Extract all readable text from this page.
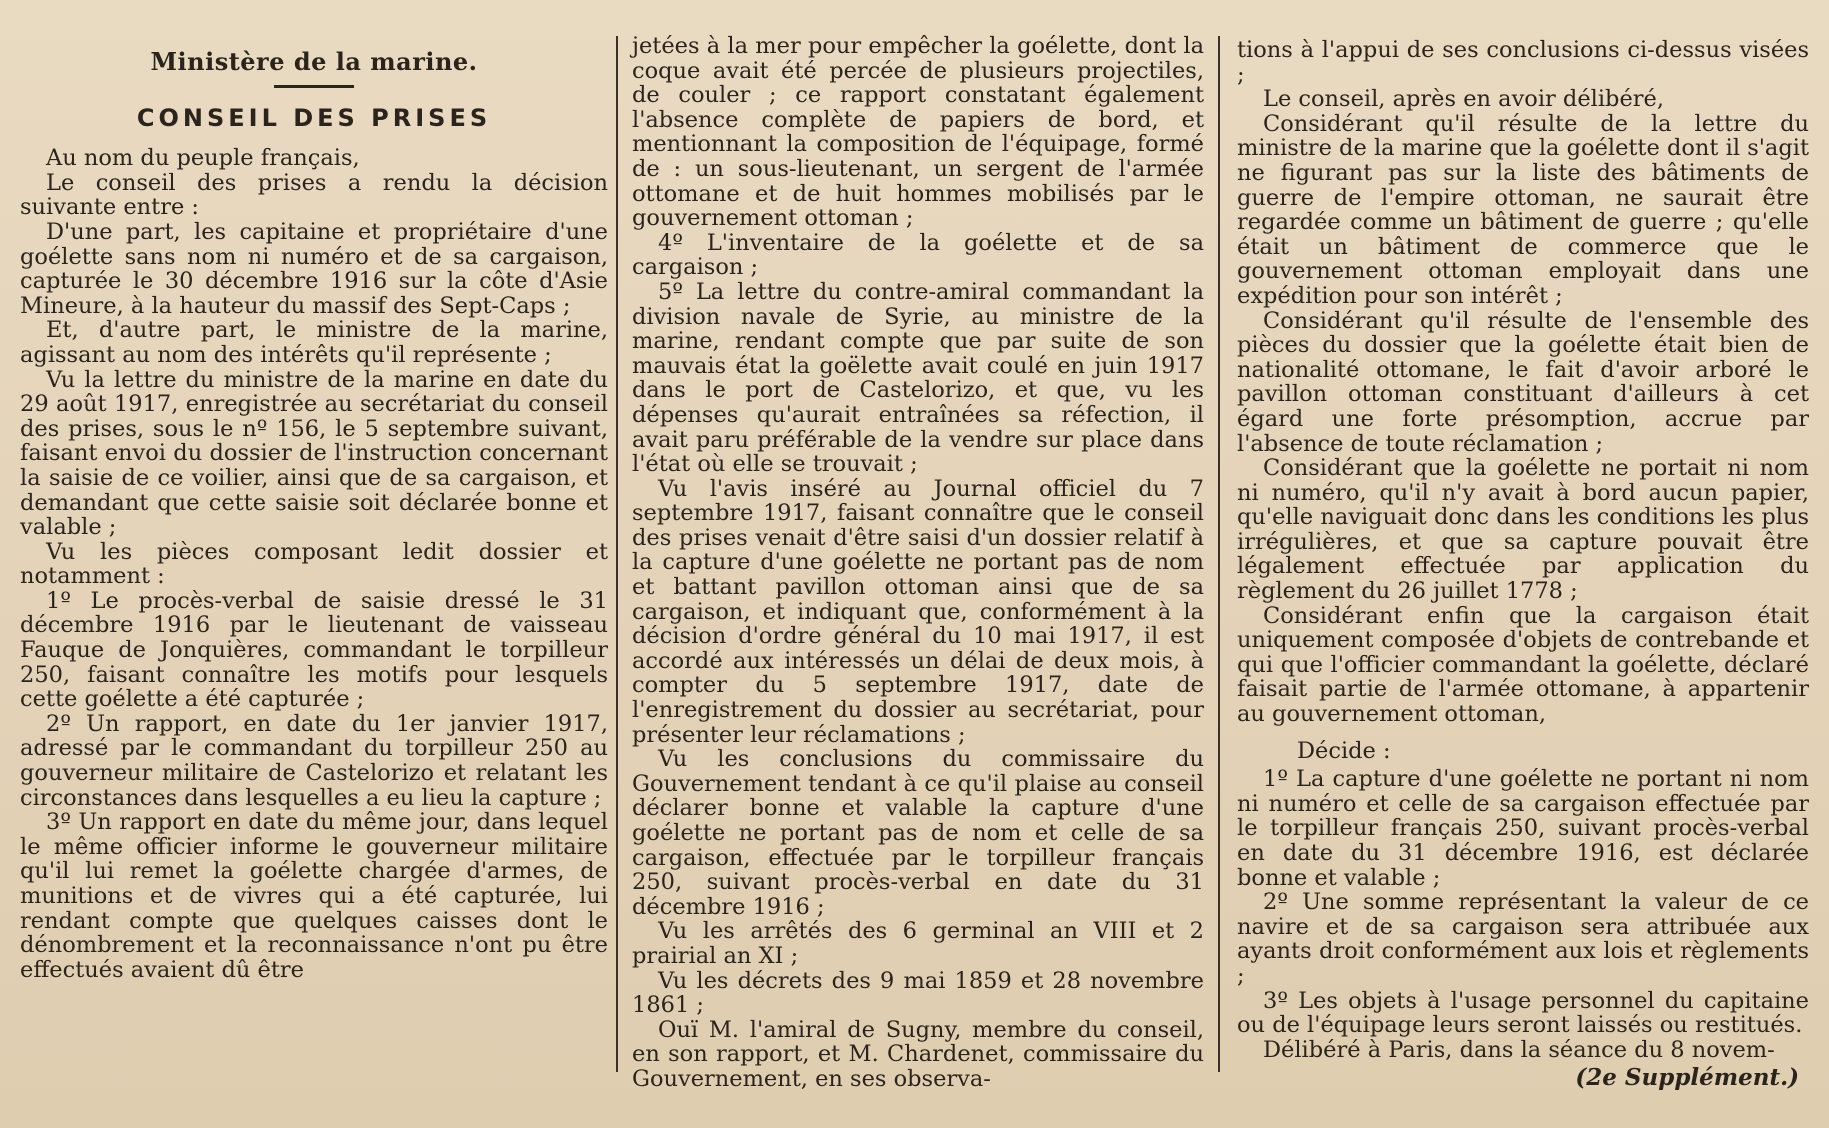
Ministère de la marine.
CONSEIL DES PRISES

Au nom du peuple français,

Le conseil des prises a rendu la décision suivante entre :

D'une part, les capitaine et propriétaire d'une goélette sans nom ni numéro et de sa cargaison, capturée le 30 décembre 1916 sur la côte d'Asie Mineure, à la hauteur du massif des Sept-Caps ;

Et, d'autre part, le ministre de la marine, agissant au nom des intérêts qu'il représente ;

Vu la lettre du ministre de la marine en date du 29 août 1917, enregistrée au secrétariat du conseil des prises, sous le nº 156, le 5 septembre suivant, faisant envoi du dossier de l'instruction concernant la saisie de ce voilier, ainsi que de sa cargaison, et demandant que cette saisie soit déclarée bonne et valable ;

Vu les pièces composant ledit dossier et notamment :

1º Le procès-verbal de saisie dressé le 31 décembre 1916 par le lieutenant de vaisseau Fauque de Jonquières, commandant le torpilleur 250, faisant connaître les motifs pour lesquels cette goélette a été capturée ;

2º Un rapport, en date du 1er janvier 1917, adressé par le commandant du torpilleur 250 au gouverneur militaire de Castelorizo et relatant les circonstances dans lesquelles a eu lieu la capture ;

3º Un rapport en date du même jour, dans lequel le même officier informe le gouverneur militaire qu'il lui remet la goélette chargée d'armes, de munitions et de vivres qui a été capturée, lui rendant compte que quelques caisses dont le dénombrement et la reconnaissance n'ont pu être effectués avaient dû être

jetées à la mer pour empêcher la goélette, dont la coque avait été percée de plusieurs projectiles, de couler ; ce rapport constatant également l'absence complète de papiers de bord, et mentionnant la composition de l'équipage, formé de : un sous-lieutenant, un sergent de l'armée ottomane et de huit hommes mobilisés par le gouvernement ottoman ;

4º L'inventaire de la goélette et de sa cargaison ;

5º La lettre du contre-amiral commandant la division navale de Syrie, au ministre de la marine, rendant compte que par suite de son mauvais état la goëlette avait coulé en juin 1917 dans le port de Castelorizo, et que, vu les dépenses qu'aurait entraînées sa réfection, il avait paru préférable de la vendre sur place dans l'état où elle se trouvait ;

Vu l'avis inséré au Journal officiel du 7 septembre 1917, faisant connaître que le conseil des prises venait d'être saisi d'un dossier relatif à la capture d'une goélette ne portant pas de nom et battant pavillon ottoman ainsi que de sa cargaison, et indiquant que, conformément à la décision d'ordre général du 10 mai 1917, il est accordé aux intéressés un délai de deux mois, à compter du 5 septembre 1917, date de l'enregistrement du dossier au secrétariat, pour présenter leur réclamations ;

Vu les conclusions du commissaire du Gouvernement tendant à ce qu'il plaise au conseil déclarer bonne et valable la capture d'une goélette ne portant pas de nom et celle de sa cargaison, effectuée par le torpilleur français 250, suivant procès-verbal en date du 31 décembre 1916 ;

Vu les arrêtés des 6 germinal an VIII et 2 prairial an XI ;

Vu les décrets des 9 mai 1859 et 28 novembre 1861 ;

Ouï M. l'amiral de Sugny, membre du conseil, en son rapport, et M. Chardenet, commissaire du Gouvernement, en ses observa-

tions à l'appui de ses conclusions ci-dessus visées ;

Le conseil, après en avoir délibéré,

Considérant qu'il résulte de la lettre du ministre de la marine que la goélette dont il s'agit ne figurant pas sur la liste des bâtiments de guerre de l'empire ottoman, ne saurait être regardée comme un bâtiment de guerre ; qu'elle était un bâtiment de commerce que le gouvernement ottoman employait dans une expédition pour son intérêt ;

Considérant qu'il résulte de l'ensemble des pièces du dossier que la goélette était bien de nationalité ottomane, le fait d'avoir arboré le pavillon ottoman constituant d'ailleurs à cet égard une forte présomption, accrue par l'absence de toute réclamation ;

Considérant que la goélette ne portait ni nom ni numéro, qu'il n'y avait à bord aucun papier, qu'elle naviguait donc dans les conditions les plus irrégulières, et que sa capture pouvait être légalement effectuée par application du règlement du 26 juillet 1778 ;

Considérant enfin que la cargaison était uniquement composée d'objets de contrebande et qui que l'officier commandant la goélette, déclaré faisait partie de l'armée ottomane, à appartenir au gouvernement ottoman,

Décide :

1º La capture d'une goélette ne portant ni nom ni numéro et celle de sa cargaison effectuée par le torpilleur français 250, suivant procès-verbal en date du 31 décembre 1916, est déclarée bonne et valable ;

2º Une somme représentant la valeur de ce navire et de sa cargaison sera attribuée aux ayants droit conformément aux lois et règlements ;

3º Les objets à l'usage personnel du capitaine ou de l'équipage leurs seront laissés ou restitués.

Délibéré à Paris, dans la séance du 8 novem-

(2e Supplément.)
